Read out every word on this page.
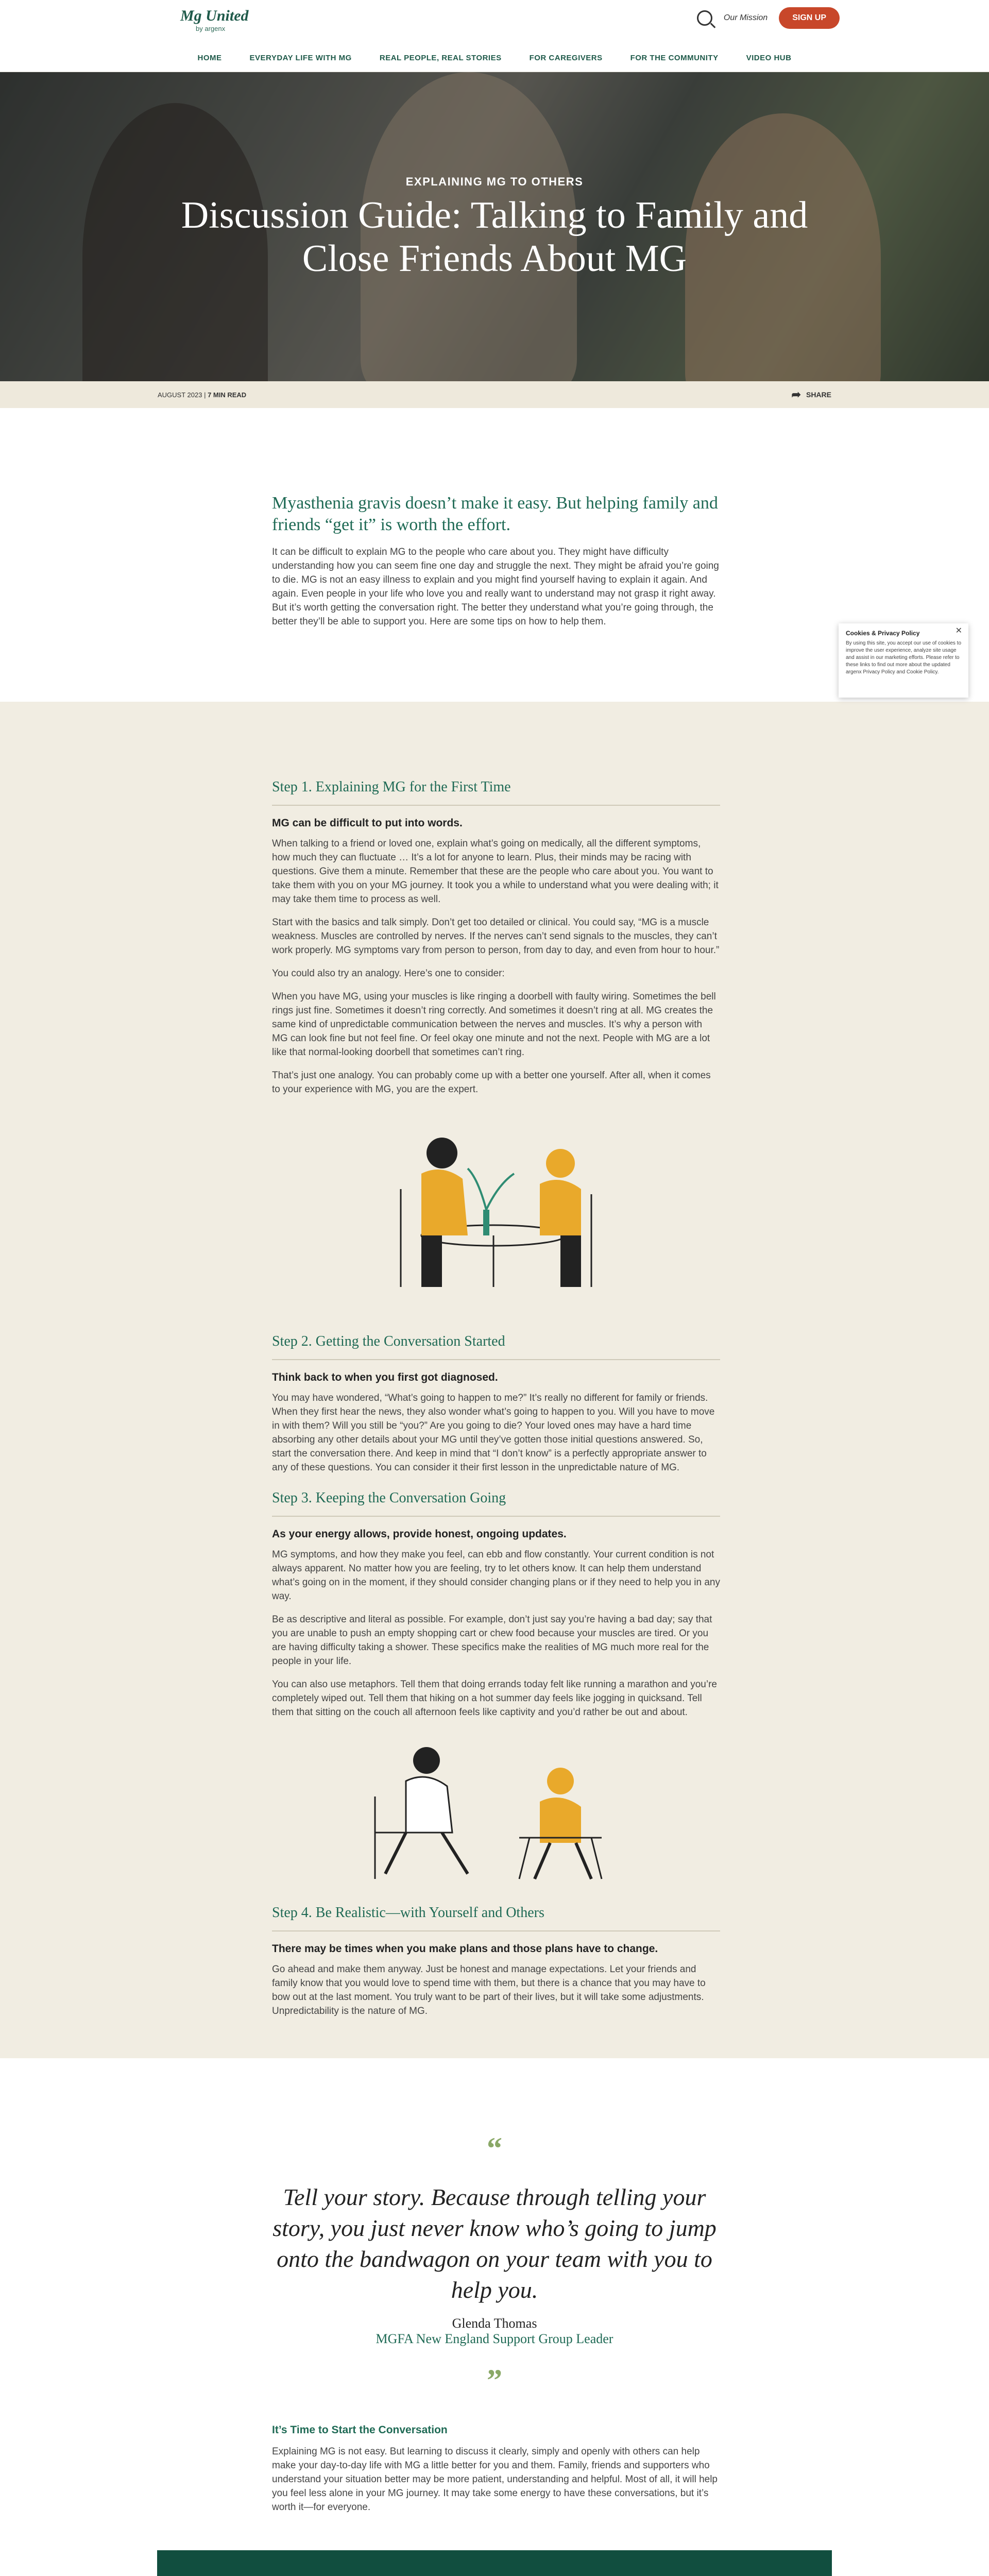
Mg United
by argenx
Our Mission	SIGN UP
HOME	EVERYDAY LIFE WITH MG	REAL PEOPLE, REAL STORIES	FOR CAREGIVERS	FOR THE COMMUNITY	VIDEO HUB
EXPLAINING MG TO OTHERS
Discussion Guide: Talking to Family and Close Friends About MG
AUGUST 2023 | 7 MIN READ	➦ SHARE
Myasthenia gravis doesn’t make it easy. But helping family and friends “get it” is worth the effort.

It can be difficult to explain MG to the people who care about you. They might have difficulty understanding how you can seem fine one day and struggle the next. They might be afraid you’re going to die. MG is not an easy illness to explain and you might find yourself having to explain it again. And again. Even people in your life who love you and really want to understand may not grasp it right away. But it’s worth getting the conversation right. The better they understand what you’re going through, the better they’ll be able to support you. Here are some tips on how to help them.

✕
Cookies & Privacy Policy

By using this site, you accept our use of cookies to improve the user experience, analyze site usage and assist in our marketing efforts. Please refer to these links to find out more about the updated argenx Privacy Policy and Cookie Policy.

Step 1. Explaining MG for the First Time

MG can be difficult to put into words.

When talking to a friend or loved one, explain what’s going on medically, all the different symptoms, how much they can fluctuate … It’s a lot for anyone to learn. Plus, their minds may be racing with questions. Give them a minute. Remember that these are the people who care about you. You want to take them with you on your MG journey. It took you a while to understand what you were dealing with; it may take them time to process as well.

Start with the basics and talk simply. Don’t get too detailed or clinical. You could say, “MG is a muscle weakness. Muscles are controlled by nerves. If the nerves can’t send signals to the muscles, they can’t work properly. MG symptoms vary from person to person, from day to day, and even from hour to hour.”

You could also try an analogy. Here’s one to consider:

When you have MG, using your muscles is like ringing a doorbell with faulty wiring. Sometimes the bell rings just fine. Sometimes it doesn’t ring correctly. And sometimes it doesn’t ring at all. MG creates the same kind of unpredictable communication between the nerves and muscles. It’s why a person with MG can look fine but not feel fine. Or feel okay one minute and not the next. People with MG are a lot like that normal-looking doorbell that sometimes can’t ring.

That’s just one analogy. You can probably come up with a better one yourself. After all, when it comes to your experience with MG, you are the expert.

Step 2. Getting the Conversation Started

Think back to when you first got diagnosed.

You may have wondered, “What’s going to happen to me?” It’s really no different for family or friends. When they first hear the news, they also wonder what’s going to happen to you. Will you have to move in with them? Will you still be “you?” Are you going to die? Your loved ones may have a hard time absorbing any other details about your MG until they’ve gotten those initial questions answered. So, start the conversation there. And keep in mind that “I don’t know” is a perfectly appropriate answer to any of these questions. You can consider it their first lesson in the unpredictable nature of MG.

Step 3. Keeping the Conversation Going

As your energy allows, provide honest, ongoing updates.

MG symptoms, and how they make you feel, can ebb and flow constantly. Your current condition is not always apparent. No matter how you are feeling, try to let others know. It can help them understand what’s going on in the moment, if they should consider changing plans or if they need to help you in any way.

Be as descriptive and literal as possible. For example, don’t just say you’re having a bad day; say that you are unable to push an empty shopping cart or chew food because your muscles are tired. Or you are having difficulty taking a shower. These specifics make the realities of MG much more real for the people in your life.

You can also use metaphors. Tell them that doing errands today felt like running a marathon and you’re completely wiped out. Tell them that hiking on a hot summer day feels like jogging in quicksand. Tell them that sitting on the couch all afternoon feels like captivity and you’d rather be out and about.

Step 4. Be Realistic—with Yourself and Others

There may be times when you make plans and those plans have to change.

Go ahead and make them anyway. Just be honest and manage expectations. Let your friends and family know that you would love to spend time with them, but there is a chance that you may have to bow out at the last moment. You truly want to be part of their lives, but it will take some adjustments. Unpredictability is the nature of MG.

“
Tell your story. Because through telling your story, you just never know who’s going to jump onto the bandwagon on your team with you to help you.
Glenda Thomas
MGFA New England Support Group Leader
”

It’s Time to Start the Conversation

Explaining MG is not easy. But learning to discuss it clearly, simply and openly with others can help make your day-to-day life with MG a little better for you and them. Family, friends and supporters who understand your situation better may be more patient, understanding and helpful. Most of all, it will help you feel less alone in your MG journey. It may take some energy to have these conversations, but it’s worth it—for everyone.
